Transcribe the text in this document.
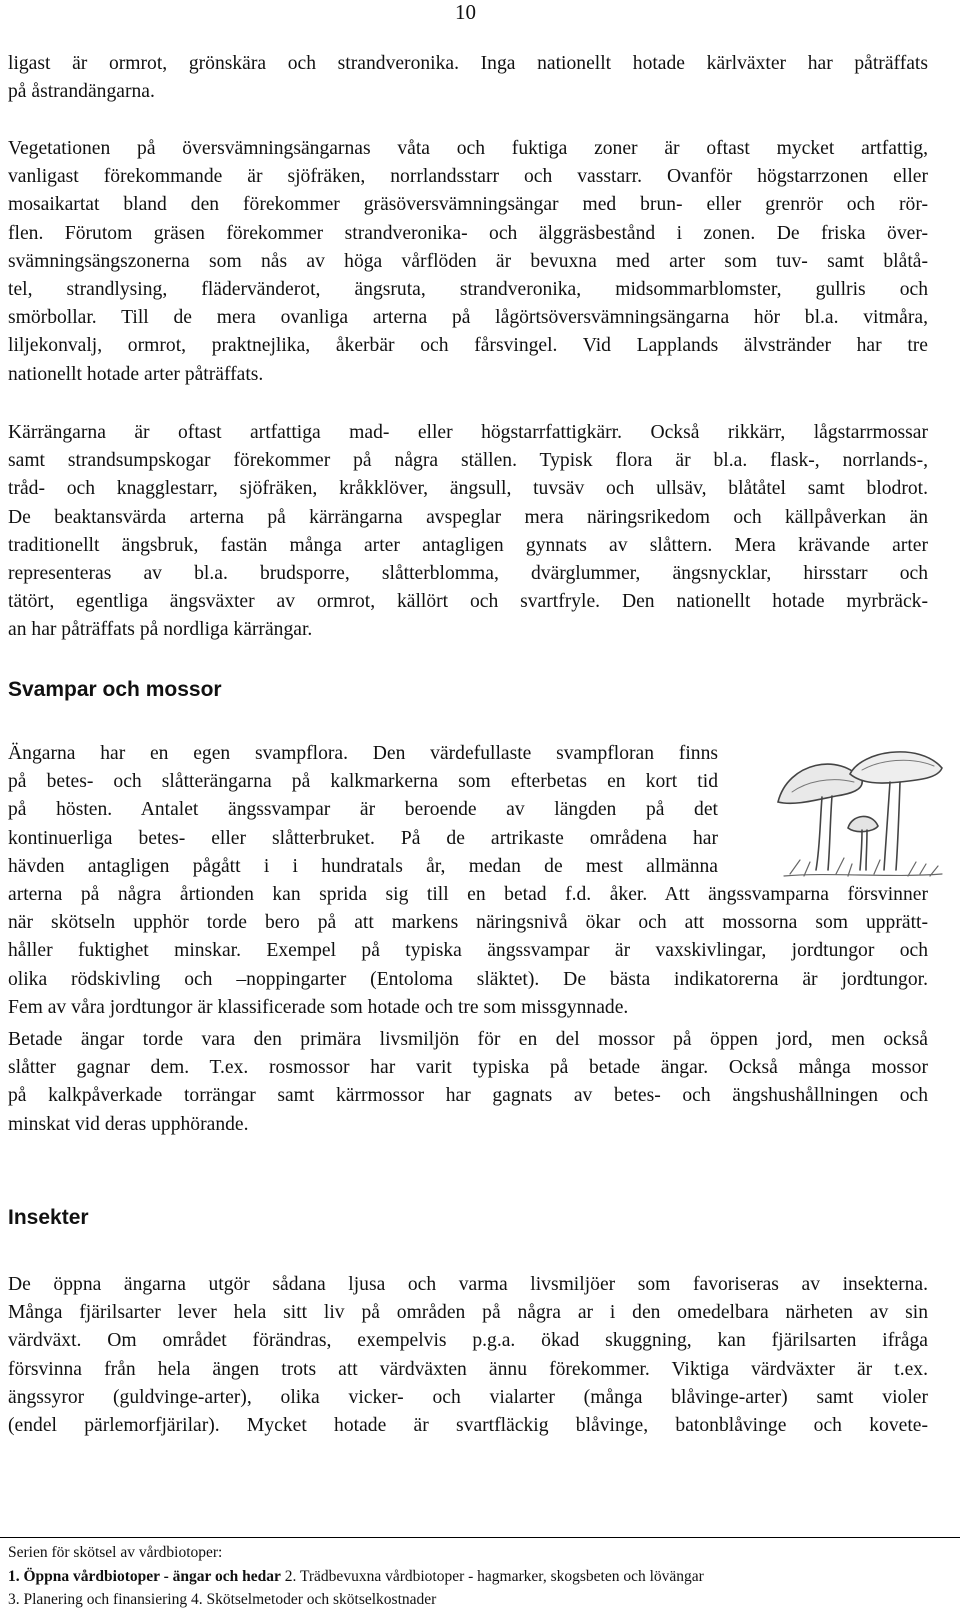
10
ligast är ormrot, grönskära och strandveronika. Inga nationellt hotade kärlväxter har påträffats
på åstrandängarna.
Vegetationen på översvämningsängarnas våta och fuktiga zoner är oftast mycket artfattig,
vanligast förekommande är sjöfräken, norrlandsstarr och vasstarr. Ovanför högstarrzonen eller
mosaikartat bland den förekommer gräsöversvämningsängar med brun- eller grenrör och rör-
flen. Förutom gräsen förekommer strandveronika- och älggräsbestånd i zonen. De friska över-
svämningsängszonerna som nås av höga vårflöden är bevuxna med arter som tuv- samt blåtå-
tel, strandlysing, flädervänderot, ängsruta, strandveronika, midsommarblomster, gullris och
smörbollar. Till de mera ovanliga arterna på lågörtsöversvämningsängarna hör bl.a. vitmåra,
liljekonvalj, ormrot, praktnejlika, åkerbär och fårsvingel. Vid Lapplands älvstränder har tre
nationellt hotade arter påträffats.
Kärrängarna är oftast artfattiga mad- eller högstarrfattigkärr. Också rikkärr, lågstarrmossar
samt strandsumpskogar förekommer på några ställen. Typisk flora är bl.a. flask-, norrlands-,
tråd- och knagglestarr, sjöfräken, kråkklöver, ängsull, tuvsäv och ullsäv, blåtåtel samt blodrot.
De beaktansvärda arterna på kärrängarna avspeglar mera näringsrikedom och källpåverkan än
traditionellt ängsbruk, fastän många arter antagligen gynnats av slåttern. Mera krävande arter
representeras av bl.a. brudsporre, slåtterblomma, dvärglummer, ängsnycklar, hirsstarr och
tätört, egentliga ängsväxter av ormrot, källört och svartfryle. Den nationellt hotade myrbräck-
an har påträffats på nordliga kärrängar.
Svampar och mossor
Ängarna har en egen svampflora. Den värdefullaste svampfloran finns
på betes- och slåtterängarna på kalkmarkerna som efterbetas en kort tid
på hösten. Antalet ängssvampar är beroende av längden på det
kontinuerliga betes- eller slåtterbruket. På de artrikaste områdena har
hävden antagligen pågått i i hundratals år, medan de mest allmänna
arterna på några årtionden kan sprida sig till en betad f.d. åker. Att ängssvamparna försvinner
när skötseln upphör torde bero på att markens näringsnivå ökar och att mossorna som upprätt-
håller fuktighet minskar. Exempel på typiska ängssvampar är vaxskivlingar, jordtungor och
olika rödskivling och –noppingarter (Entoloma släktet). De bästa indikatorerna är jordtungor.
Fem av våra jordtungor är klassificerade som hotade och tre som missgynnade.
Betade ängar torde vara den primära livsmiljön för en del mossor på öppen jord, men också
slåtter gagnar dem. T.ex. rosmossor har varit typiska på betade ängar. Också många mossor
på kalkpåverkade torrängar samt kärrmossor har gagnats av betes- och ängshushållningen och
minskat vid deras upphörande.
Insekter
De öppna ängarna utgör sådana ljusa och varma livsmiljöer som favoriseras av insekterna.
Många fjärilsarter lever hela sitt liv på områden på några ar i den omedelbara närheten av sin
värdväxt. Om området förändras, exempelvis p.g.a. ökad skuggning, kan fjärilsarten ifråga
försvinna från hela ängen trots att värdväxten ännu förekommer. Viktiga värdväxter är t.ex.
ängssyror (guldvinge-arter), olika vicker- och vialarter (många blåvinge-arter) samt violer
(endel pärlemorfjärilar). Mycket hotade är svartfläckig blåvinge, batonblåvinge och kovete-
Serien för skötsel av vårdbiotoper:
1. Öppna vårdbiotoper - ängar och hedar 2. Trädbevuxna vårdbiotoper - hagmarker, skogsbeten och lövängar
3. Planering och finansiering 4. Skötselmetoder och skötselkostnader
